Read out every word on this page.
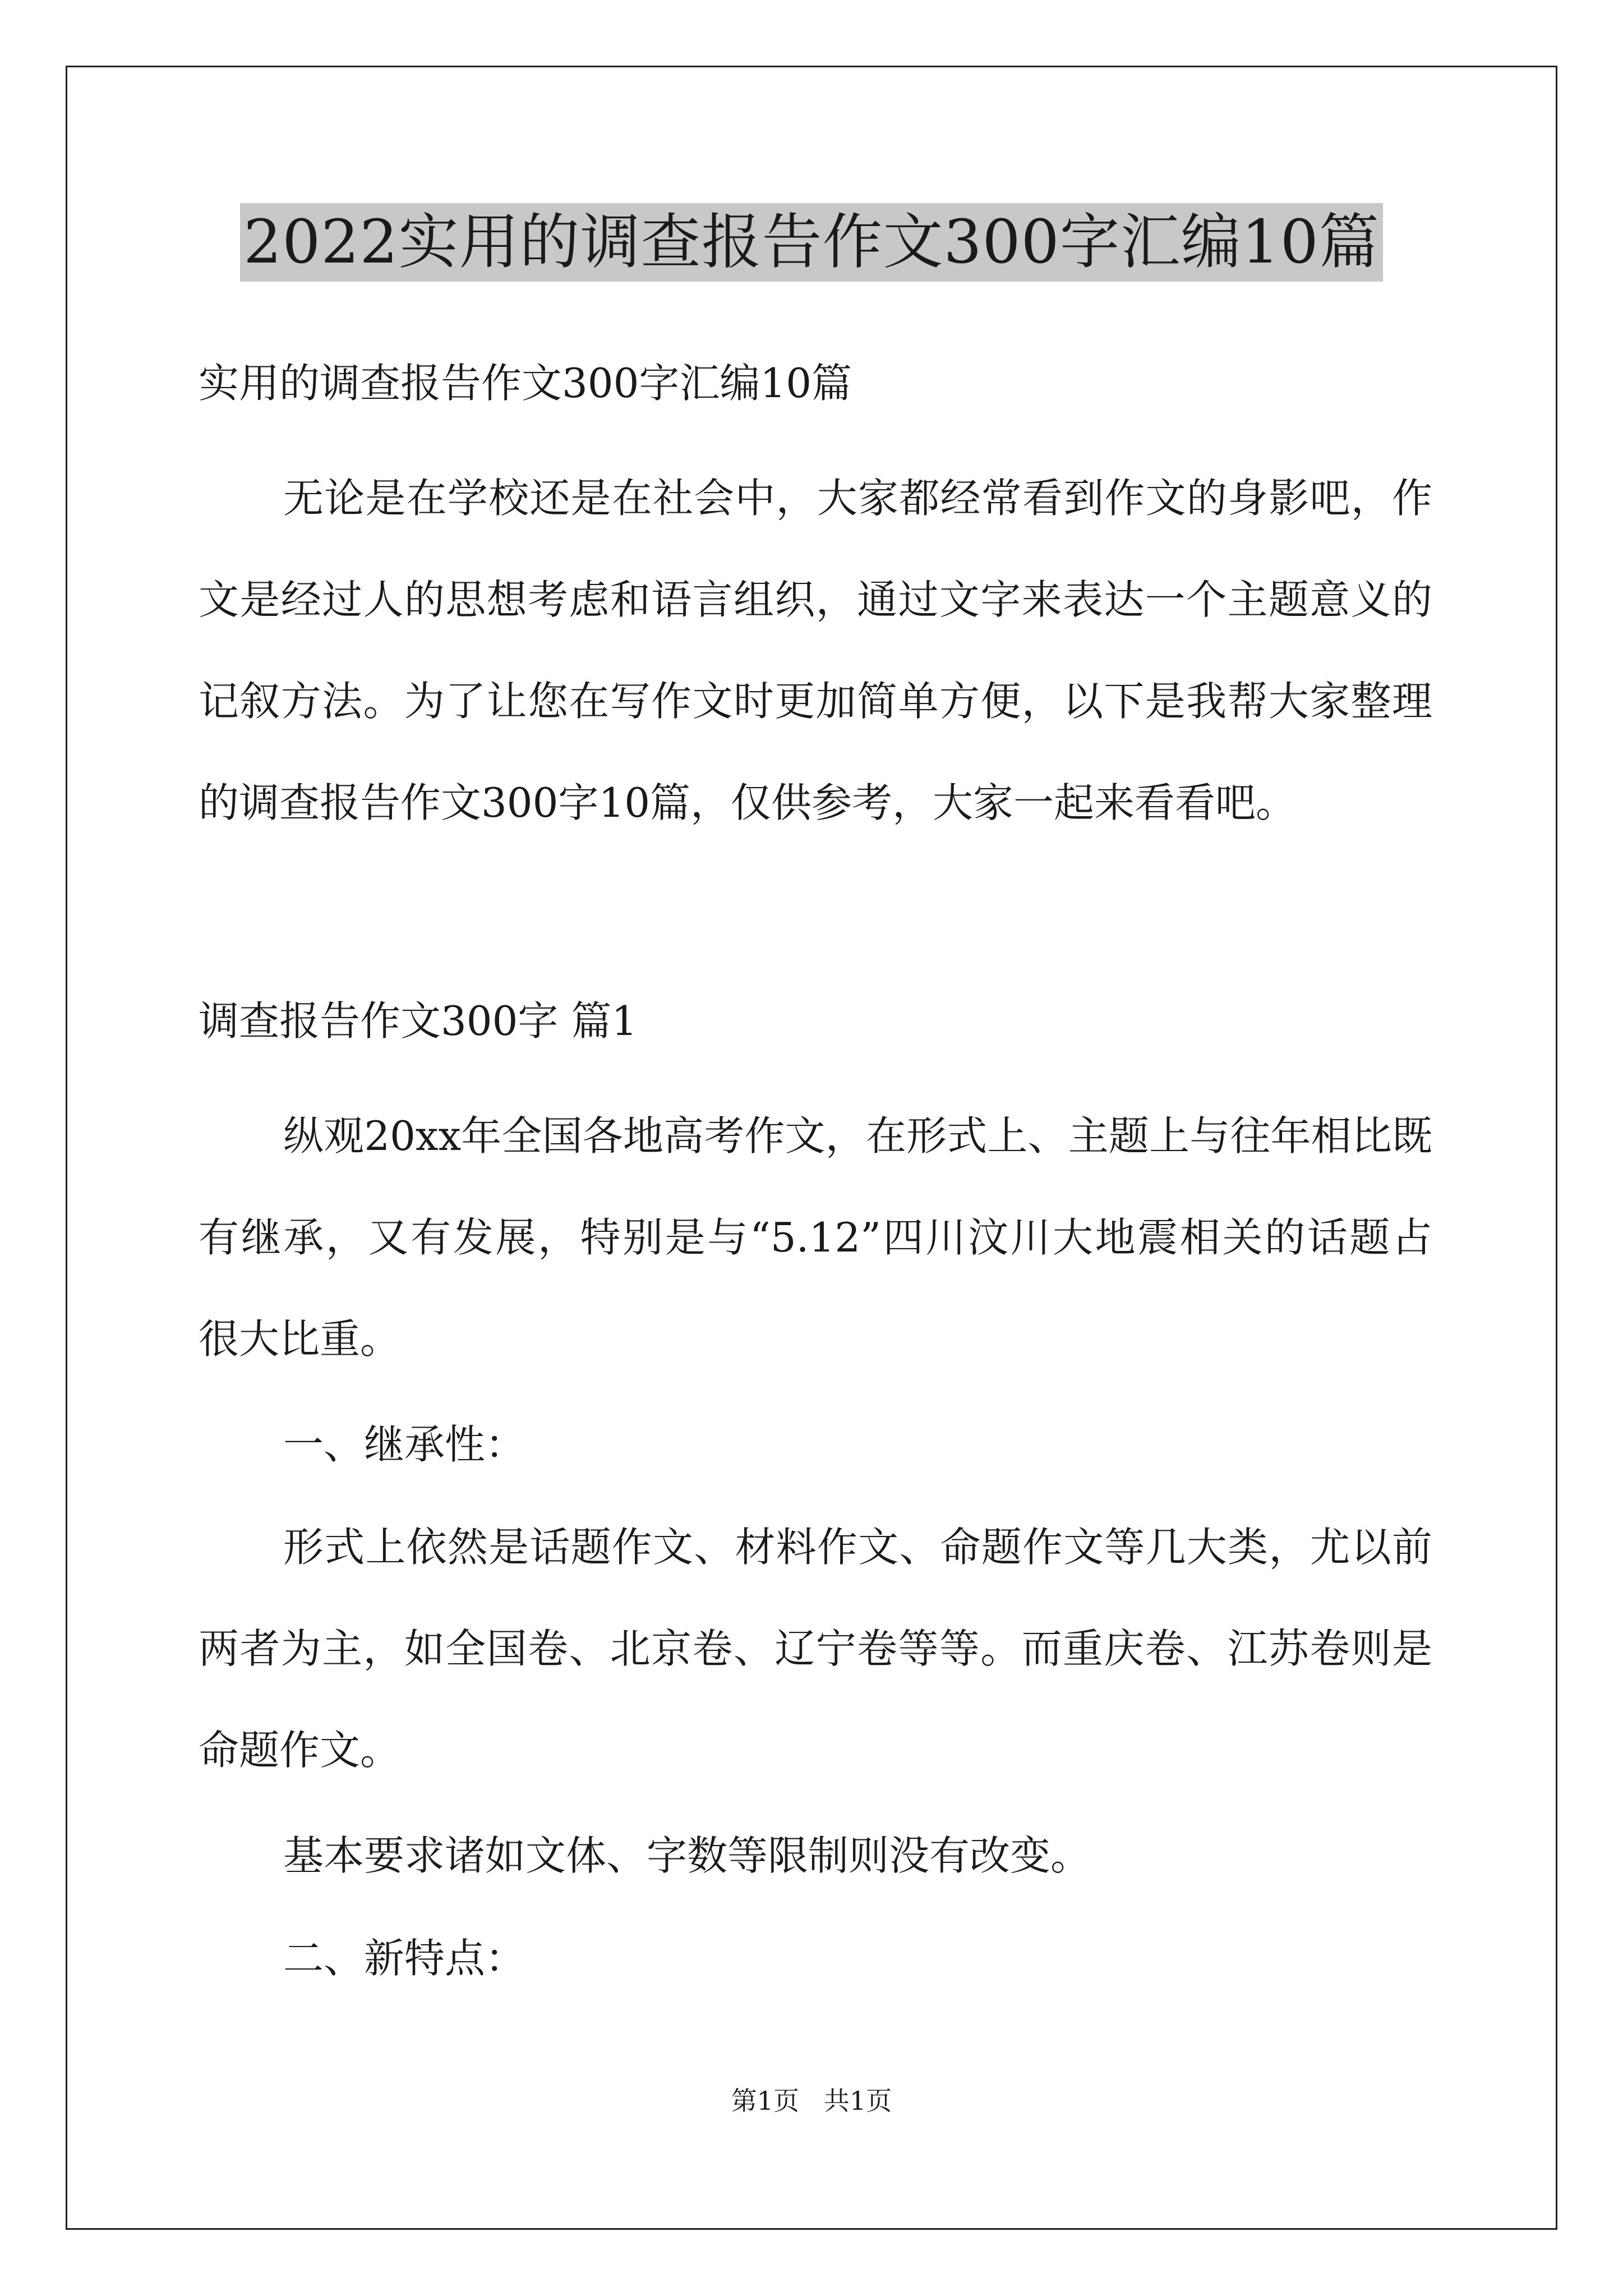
2022实用的调查报告作文300字汇编10篇

实用的调查报告作文300字汇编10篇

无论是在学校还是在社会中，大家都经常看到作文的身影吧，作

文是经过人的思想考虑和语言组织，通过文字来表达一个主题意义的

记叙方法。为了让您在写作文时更加简单方便，以下是我帮大家整理

的调查报告作文300字10篇，仅供参考，大家一起来看看吧。

调查报告作文300字 篇1

纵观20xx年全国各地高考作文，在形式上、主题上与往年相比既

有继承，又有发展，特别是与“5.12”四川汶川大地震相关的话题占

很大比重。

一、继承性：

形式上依然是话题作文、材料作文、命题作文等几大类，尤以前

两者为主，如全国卷、北京卷、辽宁卷等等。而重庆卷、江苏卷则是

命题作文。

基本要求诸如文体、字数等限制则没有改变。

二、新特点：

第1页   共1页
